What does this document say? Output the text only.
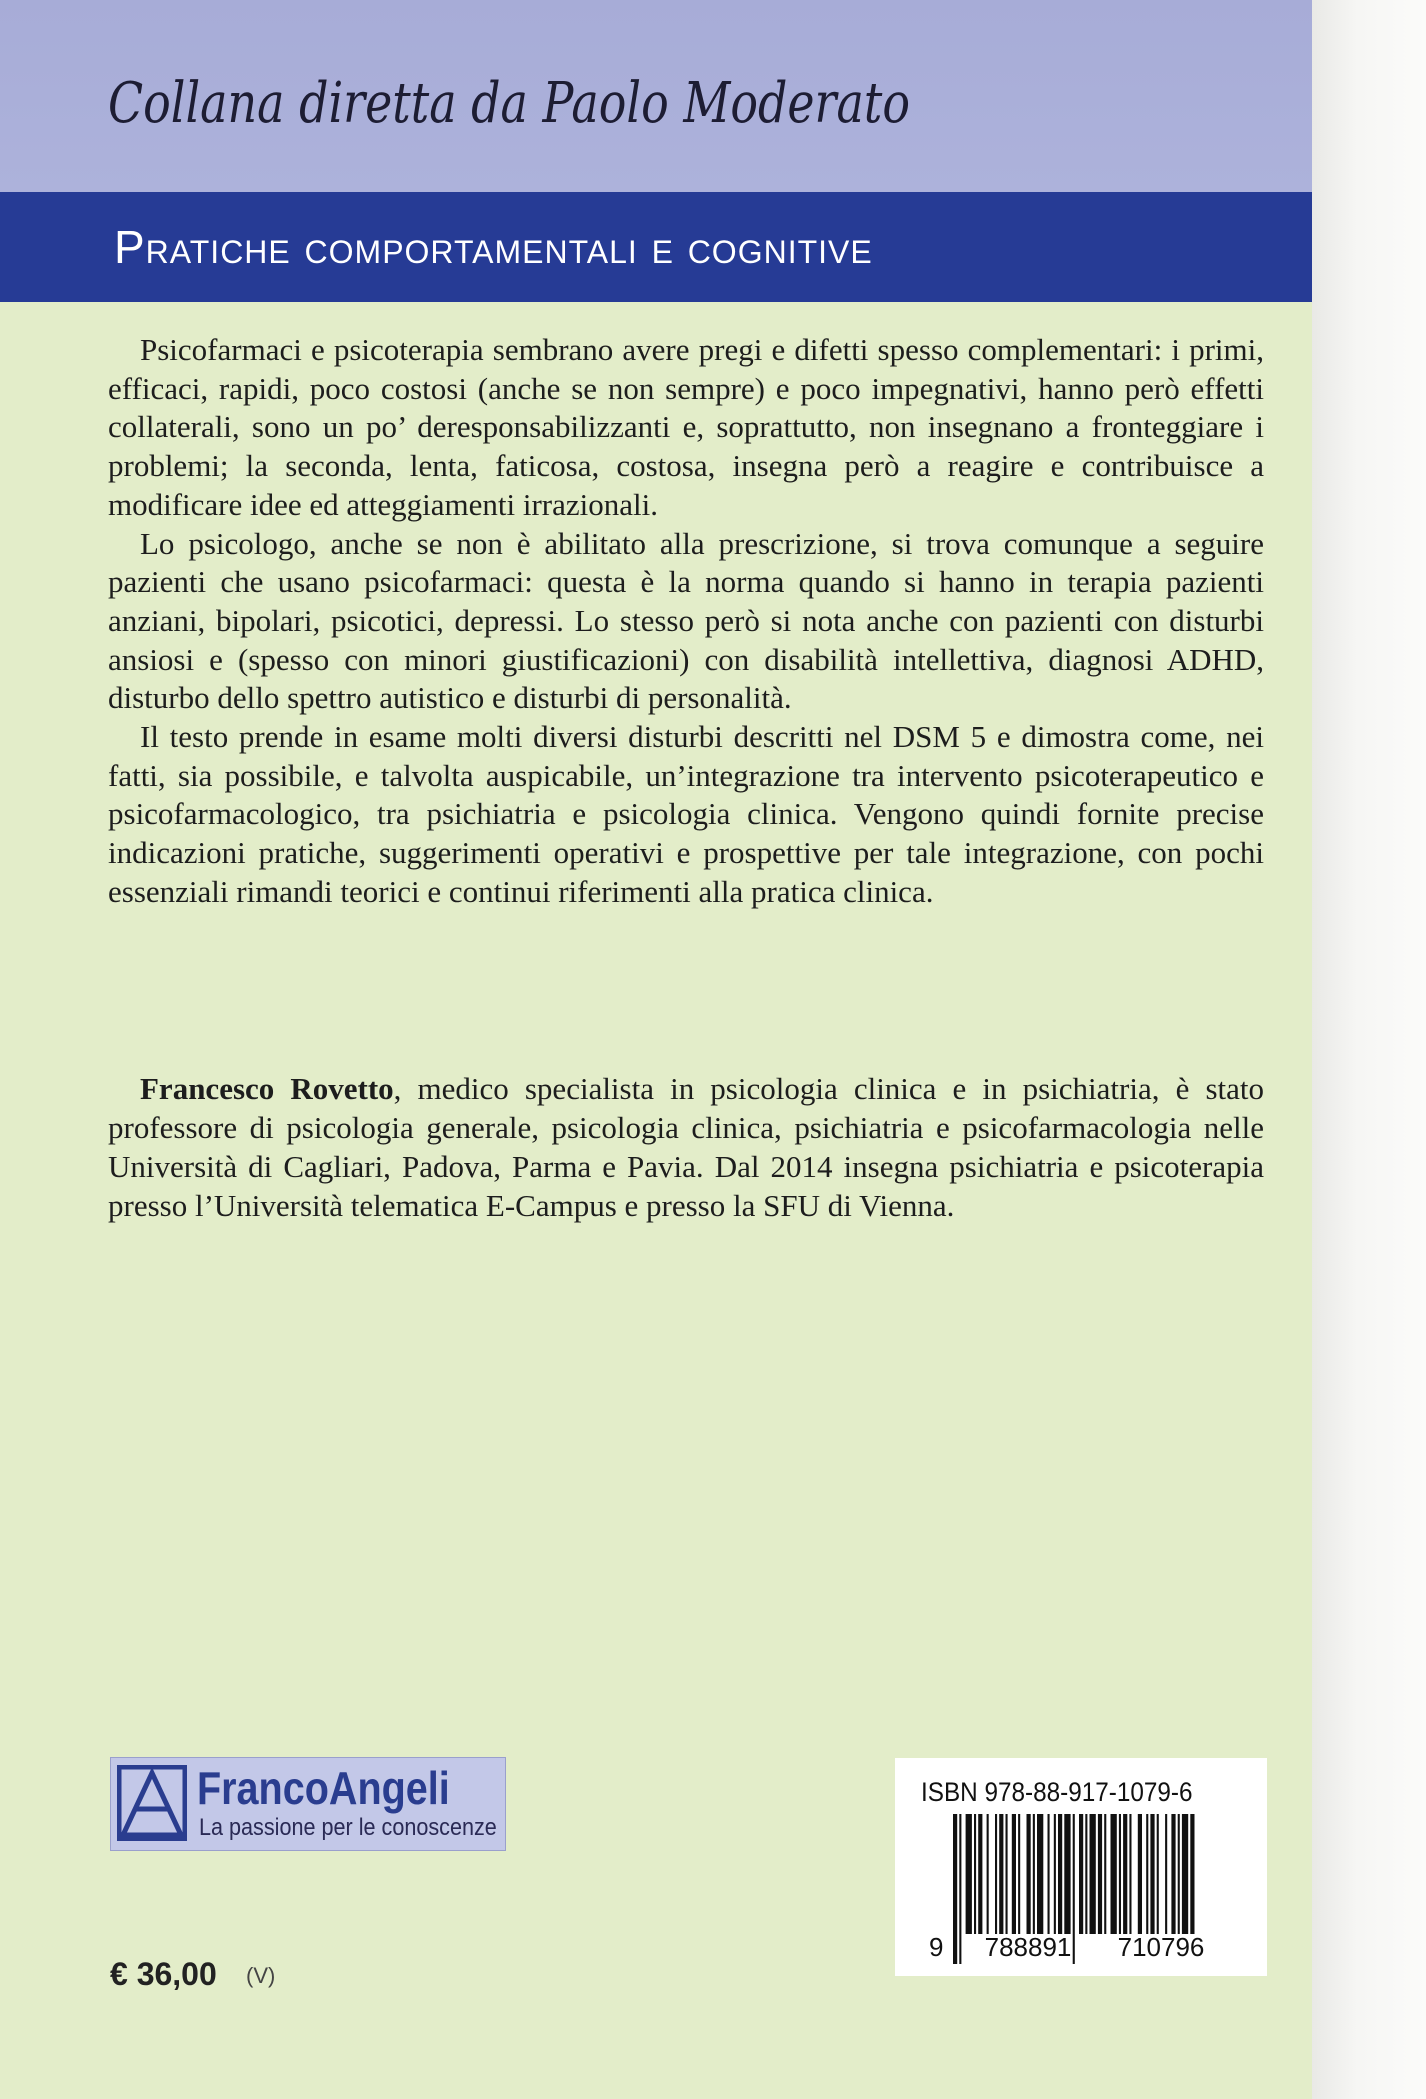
Collana diretta da Paolo Moderato
Pratiche comportamentali e cognitive

Psicofarmaci e psicoterapia sembrano avere pregi e difetti spesso complementari: i primi, efficaci, rapidi, poco costosi (anche se non sempre) e poco impegnativi, hanno però effetti collaterali, sono un po’ deresponsabilizzanti e, soprattutto, non insegnano a fronteggiare i problemi; la seconda, lenta, faticosa, costosa, insegna però a reagire e contribuisce a modificare idee ed atteggiamenti irrazionali.

Lo psicologo, anche se non è abilitato alla prescrizione, si trova comunque a seguire pazienti che usano psicofarmaci: questa è la norma quando si hanno in terapia pazienti anziani, bipolari, psicotici, depressi. Lo stesso però si nota anche con pazienti con disturbi ansiosi e (spesso con minori giustificazioni) con disabilità intellettiva, diagnosi ADHD, disturbo dello spettro autistico e disturbi di personalità.

Il testo prende in esame molti diversi disturbi descritti nel DSM 5 e dimostra come, nei fatti, sia possibile, e talvolta auspicabile, un’integrazione tra intervento psicoterapeutico e psicofarmacologico, tra psichiatria e psicologia clinica. Vengono quindi fornite precise indicazioni pratiche, suggerimenti operativi e prospettive per tale integrazione, con pochi essenziali rimandi teorici e continui riferimenti alla pratica clinica.

Francesco Rovetto, medico specialista in psicologia clinica e in psichiatria, è stato professore di psicologia generale, psicologia clinica, psichiatria e psicofarmacologia nelle Università di Cagliari, Padova, Parma e Pavia. Dal 2014 insegna psichiatria e psicoterapia presso l’Università telematica E-Campus e presso la SFU di Vienna.

FrancoAngeli
La passione per le conoscenze
€ 36,00 (V)
ISBN 978-88-917-1079-6
9	788891	710796
